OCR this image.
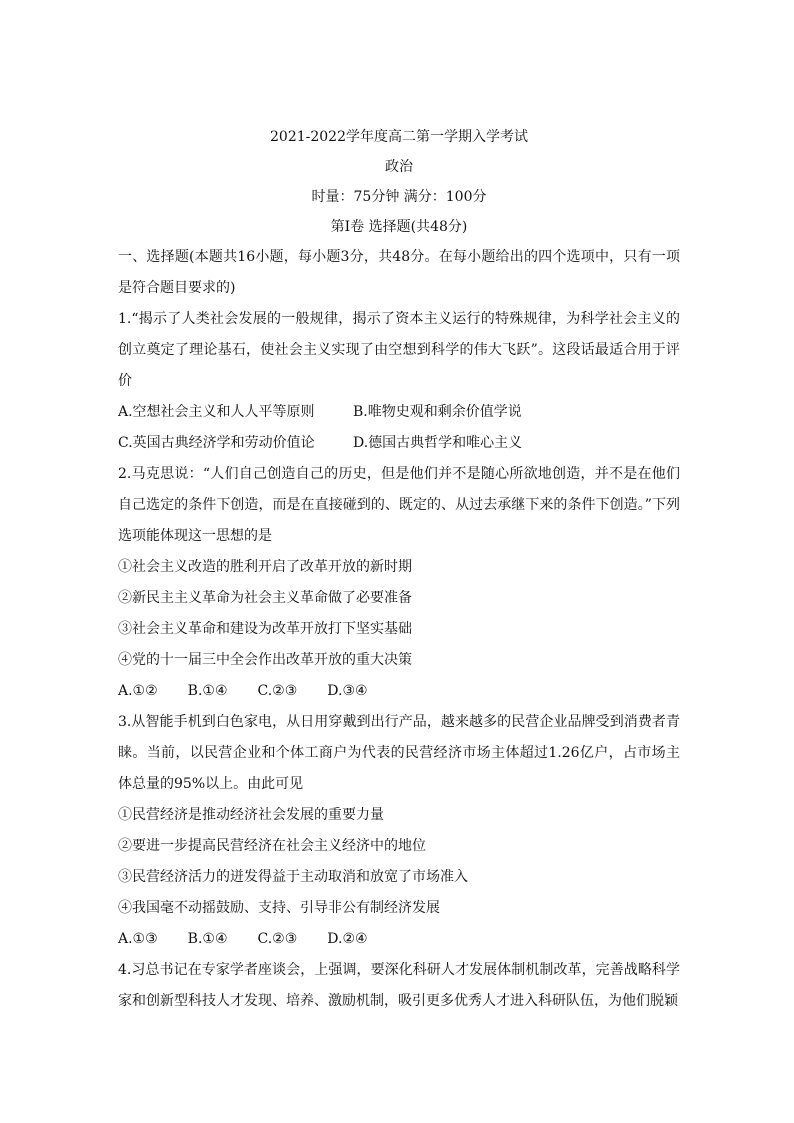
2021-2022学年度高二第一学期入学考试
政治
时量：75分钟 满分：100分
第Ⅰ卷 选择题(共48分)
一、选择题(本题共16小题，每小题3分，共48分。在每小题给出的四个选项中，只有一项是符合题目要求的)
1.“揭示了人类社会发展的一般规律，揭示了资本主义运行的特殊规律，为科学社会主义的创立奠定了理论基石，使社会主义实现了由空想到科学的伟大飞跃”。这段话最适合用于评价
A.空想社会主义和人人平等原则	B.唯物史观和剩余价值学说
C.英国古典经济学和劳动价值论	D.德国古典哲学和唯心主义
2.马克思说：“人们自己创造自己的历史，但是他们并不是随心所欲地创造，并不是在他们自己选定的条件下创造，而是在直接碰到的、既定的、从过去承继下来的条件下创造。”下列选项能体现这一思想的是
①社会主义改造的胜利开启了改革开放的新时期
②新民主主义革命为社会主义革命做了必要准备
③社会主义革命和建设为改革开放打下坚实基础
④党的十一届三中全会作出改革开放的重大决策
A.①② B.①④ C.②③ D.③④
3.从智能手机到白色家电，从日用穿戴到出行产品，越来越多的民营企业品牌受到消费者青睐。当前，以民营企业和个体工商户为代表的民营经济市场主体超过1.26亿户，占市场主体总量的95%以上。由此可见
①民营经济是推动经济社会发展的重要力量
②要进一步提高民营经济在社会主义经济中的地位
③民营经济活力的迸发得益于主动取消和放宽了市场准入
④我国毫不动摇鼓励、支持、引导非公有制经济发展
A.①③ B.①④ C.②③ D.②④
4.习总书记在专家学者座谈会，上强调，要深化科研人才发展体制机制改革，完善战略科学家和创新型科技人才发现、培养、激励机制，吸引更多优秀人才进入科研队伍，为他们脱颖
